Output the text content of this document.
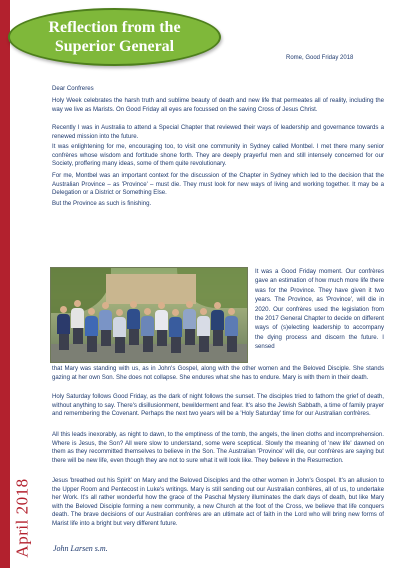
April 2018
Reflection from the
Superior General
Rome, Good Friday 2018

Dear Confreres

Holy Week celebrates the harsh truth and sublime beauty of death and new life that permeates all of reality, including the way we live as Marists. On Good Friday all eyes are focussed on the saving Cross of Jesus Christ.

Recently I was in Australia to attend a Special Chapter that reviewed their ways of leadership and governance towards a renewed mission into the future.

It was enlightening for me, encouraging too, to visit one community in Sydney called Montbel. I met there many senior confrères whose wisdom and fortitude shone forth. They are deeply prayerful men and still intensely concerned for our Society, proffering many ideas, some of them quite revolutionary.

For me, Montbel was an important context for the discussion of the Chapter in Sydney which led to the decision that the Australian Province – as 'Province' – must die. They must look for new ways of living and working together. It may be a Delegation or a District or Something Else.

But the Province as such is finishing.

It was a Good Friday moment. Our confrères gave an estimation of how much more life there was for the Province. They have given it two years. The Province, as 'Province', will die in 2020. Our confrères used the legislation from the 2017 General Chapter to decide on different ways of (s)electing leadership to accompany the dying process and discern the future. I sensed

that Mary was standing with us, as in John's Gospel, along with the other women and the Beloved Disciple. She stands gazing at her own Son. She does not collapse. She endures what she has to endure. Mary is with them in their death.

Holy Saturday follows Good Friday, as the dark of night follows the sunset. The disciples tried to fathom the grief of death, without anything to say. There's disillusionment, bewilderment and fear. It's also the Jewish Sabbath, a time of family prayer and remembering the Covenant. Perhaps the next two years will be a 'Holy Saturday' time for our Australian confrères.

All this leads inexorably, as night to dawn, to the emptiness of the tomb, the angels, the linen cloths and incomprehension. Where is Jesus, the Son? All were slow to understand, some were sceptical. Slowly the meaning of 'new life' dawned on them as they recommitted themselves to believe in the Son. The Australian 'Province' will die, our confrères are saying but there will be new life, even though they are not to sure what it will look like. They believe in the Resurrection.

Jesus 'breathed out his Spirit' on Mary and the Beloved Disciples and the other women in John's Gospel. It's an allusion to the Upper Room and Pentecost in Luke's writings. Mary is still sending out our Australian confrères, all of us, to undertake her Work. It's all rather wonderful how the grace of the Paschal Mystery illuminates the dark days of death, but like Mary with the Beloved Disciple forming a new community, a new Church at the foot of the Cross, we believe that life conquers death. The brave decisions of our Australian confrères are an ultimate act of faith in the Lord who will bring new forms of Marist life into a bright but very different future.

John Larsen s.m.
